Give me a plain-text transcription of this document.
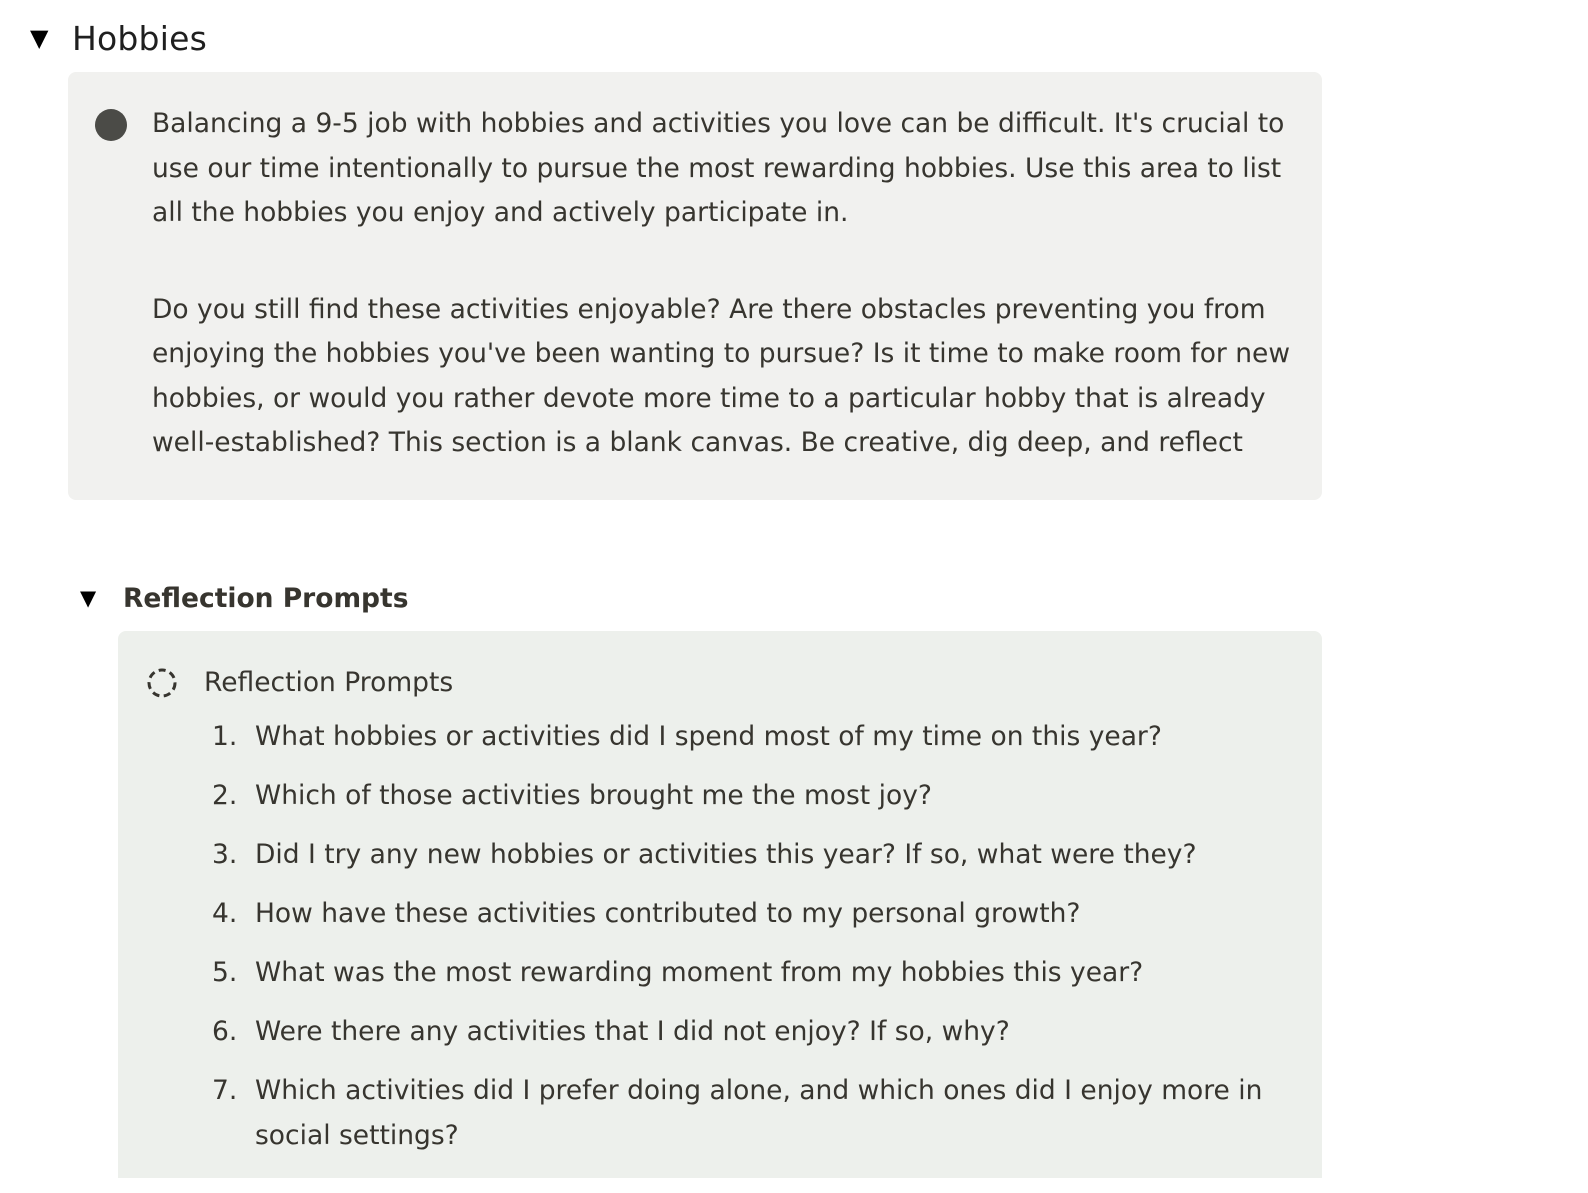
▼ Hobbies

Balancing a 9-5 job with hobbies and activities you love can be difficult. It's crucial to use our time intentionally to pursue the most rewarding hobbies. Use this area to list all the hobbies you enjoy and actively participate in.

Do you still find these activities enjoyable? Are there obstacles preventing you from enjoying the hobbies you've been wanting to pursue? Is it time to make room for new hobbies, or would you rather devote more time to a particular hobby that is already well-established? This section is a blank canvas. Be creative, dig deep, and reflect

▼	Reflection Prompts
Reflection Prompts
1. What hobbies or activities did I spend most of my time on this year?
2. Which of those activities brought me the most joy?
3. Did I try any new hobbies or activities this year? If so, what were they?
4. How have these activities contributed to my personal growth?
5. What was the most rewarding moment from my hobbies this year?
6. Were there any activities that I did not enjoy? If so, why?
7. Which activities did I prefer doing alone, and which ones did I enjoy more in social settings?
